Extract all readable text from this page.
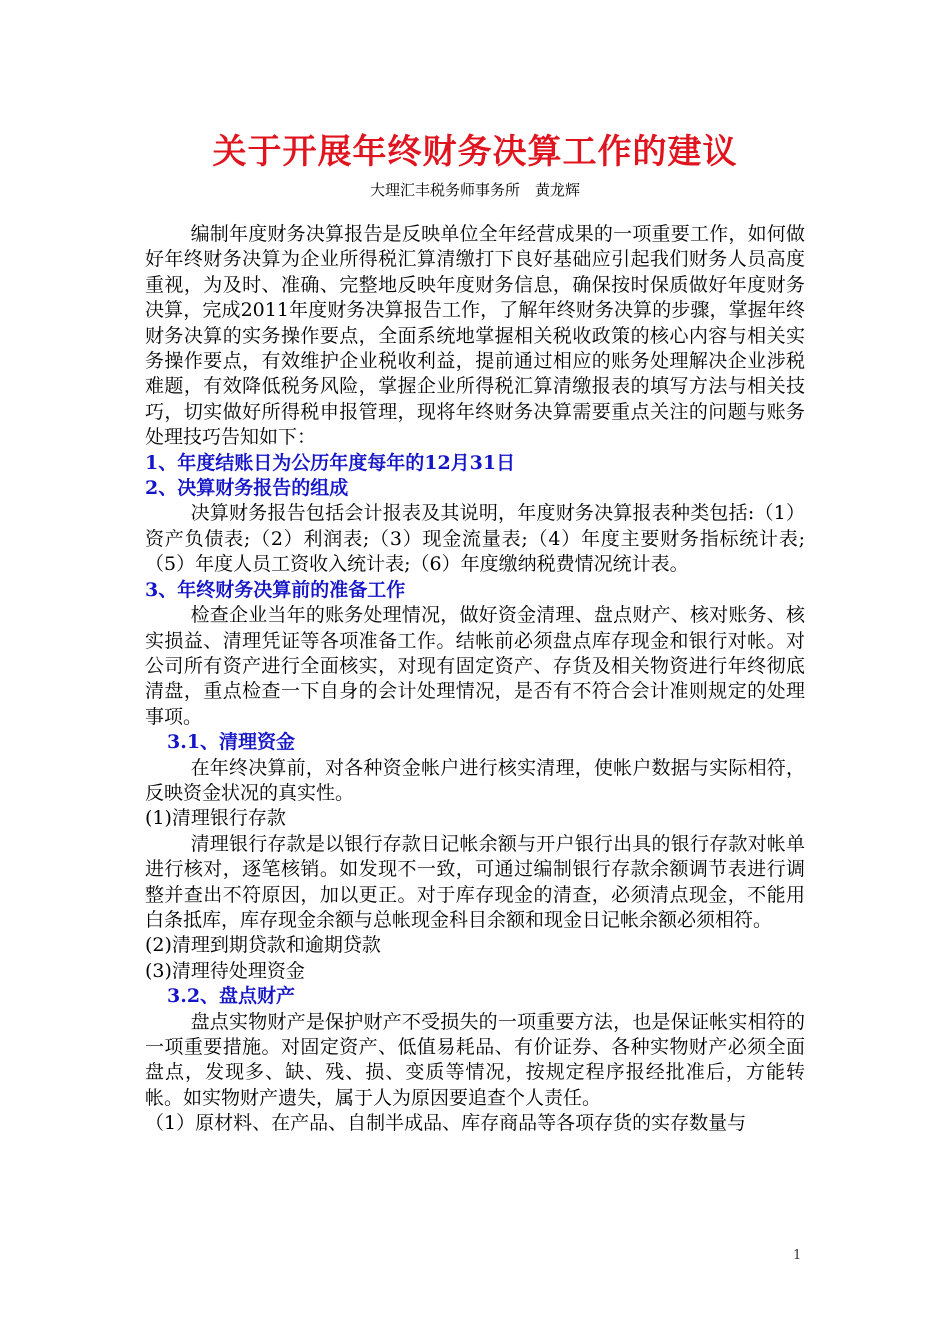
关于开展年终财务决算工作的建议
大理汇丰税务师事务所　黄龙辉

编制年度财务决算报告是反映单位全年经营成果的一项重要工作，如何做好年终财务决算为企业所得税汇算清缴打下良好基础应引起我们财务人员高度重视，为及时、准确、完整地反映年度财务信息，确保按时保质做好年度财务决算，完成2011年度财务决算报告工作，了解年终财务决算的步骤，掌握年终财务决算的实务操作要点，全面系统地掌握相关税收政策的核心内容与相关实务操作要点，有效维护企业税收利益，提前通过相应的账务处理解决企业涉税难题，有效降低税务风险，掌握企业所得税汇算清缴报表的填写方法与相关技巧，切实做好所得税申报管理，现将年终财务决算需要重点关注的问题与账务处理技巧告知如下：

1、年度结账日为公历年度每年的12月31日

2、决算财务报告的组成

决算财务报告包括会计报表及其说明，年度财务决算报表种类包括:（1）资产负债表;（2）利润表;（3）现金流量表;（4）年度主要财务指标统计表;（5）年度人员工资收入统计表;（6）年度缴纳税费情况统计表。

3、年终财务决算前的准备工作

检查企业当年的账务处理情况，做好资金清理、盘点财产、核对账务、核实损益、清理凭证等各项准备工作。结帐前必须盘点库存现金和银行对帐。对公司所有资产进行全面核实，对现有固定资产、存货及相关物资进行年终彻底清盘，重点检查一下自身的会计处理情况，是否有不符合会计准则规定的处理事项。

3.1、清理资金

在年终决算前，对各种资金帐户进行核实清理，使帐户数据与实际相符，反映资金状况的真实性。

(1)清理银行存款

清理银行存款是以银行存款日记帐余额与开户银行出具的银行存款对帐单进行核对，逐笔核销。如发现不一致，可通过编制银行存款余额调节表进行调整并查出不符原因，加以更正。对于库存现金的清查，必须清点现金，不能用白条抵库，库存现金余额与总帐现金科目余额和现金日记帐余额必须相符。

(2)清理到期贷款和逾期贷款

(3)清理待处理资金

3.2、盘点财产

盘点实物财产是保护财产不受损失的一项重要方法，也是保证帐实相符的一项重要措施。对固定资产、低值易耗品、有价证券、各种实物财产必须全面盘点，发现多、缺、残、损、变质等情况，按规定程序报经批准后，方能转帐。如实物财产遗失，属于人为原因要追查个人责任。

（1）原材料、在产品、自制半成品、库存商品等各项存货的实存数量与

1
